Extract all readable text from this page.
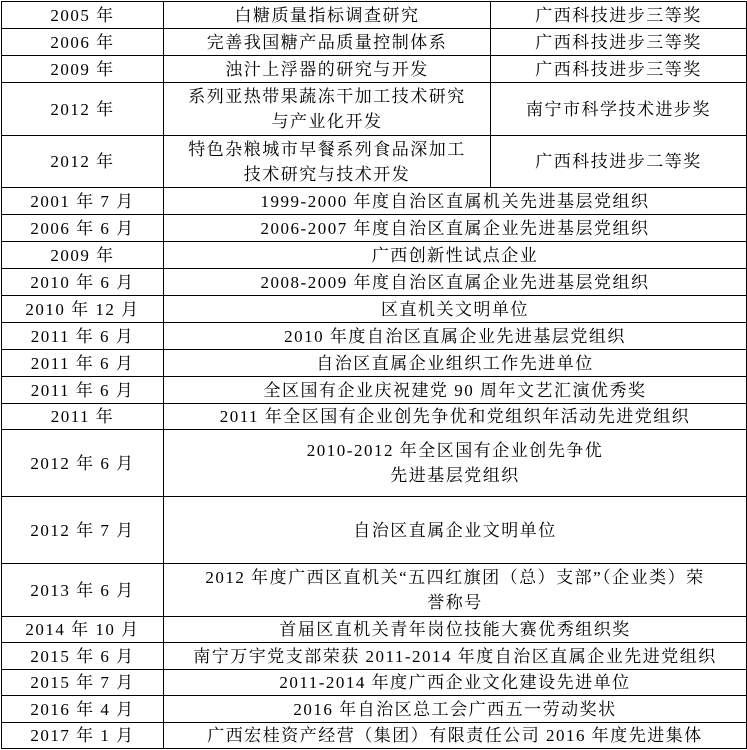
2005 年	白糖质量指标调查研究	广西科技进步三等奖

2006 年	完善我国糖产品质量控制体系	广西科技进步三等奖

2009 年	浊汁上浮器的研究与开发	广西科技进步三等奖

2012 年	系列亚热带果蔬冻干加工技术研究
与产业化开发	南宁市科学技术进步奖

2012 年	特色杂粮城市早餐系列食品深加工
技术研究与技术开发	广西科技进步二等奖

2001 年 7 月	1999-2000 年度自治区直属机关先进基层党组织	

2006 年 6 月	2006-2007 年度自治区直属企业先进基层党组织	

2009 年	广西创新性试点企业	

2010 年 6 月	2008-2009 年度自治区直属企业先进基层党组织	

2010 年 12 月	区直机关文明单位	

2011 年 6 月	2010 年度自治区直属企业先进基层党组织	

2011 年 6 月	自治区直属企业组织工作先进单位	

2011 年 6 月	全区国有企业庆祝建党 90 周年文艺汇演优秀奖	

2011 年	2011 年全区国有企业创先争优和党组织年活动先进党组织	

2012 年 6 月	2010-2012 年全区国有企业创先争优
先进基层党组织	

2012 年 7 月	自治区直属企业文明单位	

2013 年 6 月	2012 年度广西区直机关“五四红旗团（总）支部”（企业类）荣
誉称号	

2014 年 10 月	首届区直机关青年岗位技能大赛优秀组织奖	

2015 年 6 月	南宁万宇党支部荣获 2011-2014 年度自治区直属企业先进党组织	

2015 年 7 月	2011-2014 年度广西企业文化建设先进单位	

2016 年 4 月	2016 年自治区总工会广西五一劳动奖状	

2017 年 1 月	广西宏桂资产经营（集团）有限责任公司 2016 年度先进集体	
